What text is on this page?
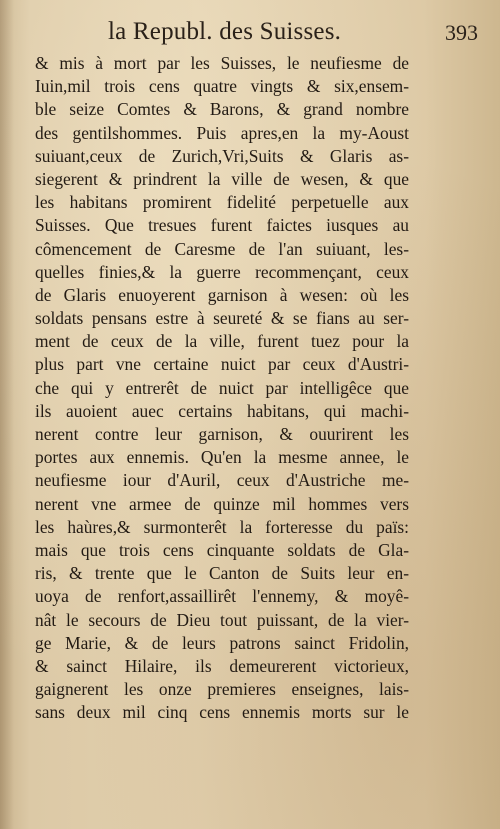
la Republ. des Suisses.	393
& mis à mort par les Suisses, le neufiesme de
Iuin,mil trois cens quatre vingts & six,ensem-
ble seize Comtes & Barons, & grand nombre
des gentilshommes. Puis apres,en la my-Aoust
suiuant,ceux de Zurich,Vri,Suits & Glaris as-
siegerent & prindrent la ville de wesen, & que
les habitans promirent fidelité perpetuelle aux
Suisses. Que tresues furent faictes iusques au
cômencement de Caresme de l'an suiuant, les-
quelles finies,& la guerre recommençant, ceux
de Glaris enuoyerent garnison à wesen: où les
soldats pensans estre à seureté & se fians au ser-
ment de ceux de la ville, furent tuez pour la
plus part vne certaine nuict par ceux d'Austri-
che qui y entrerêt de nuict par intelligêce que
ils auoient auec certains habitans, qui machi-
nerent contre leur garnison, & ouurirent les
portes aux ennemis. Qu'en la mesme annee, le
neufiesme iour d'Auril, ceux d'Austriche me-
nerent vne armee de quinze mil hommes vers
les haùres,& surmonterêt la forteresse du païs:
mais que trois cens cinquante soldats de Gla-
ris, & trente que le Canton de Suits leur en-
uoya de renfort,assaillirêt l'ennemy, & moyê-
nât le secours de Dieu tout puissant, de la vier-
ge Marie, & de leurs patrons sainct Fridolin,
& sainct Hilaire, ils demeurerent victorieux,
gaignerent les onze premieres enseignes, lais-
sans deux mil cinq cens ennemis morts sur le
